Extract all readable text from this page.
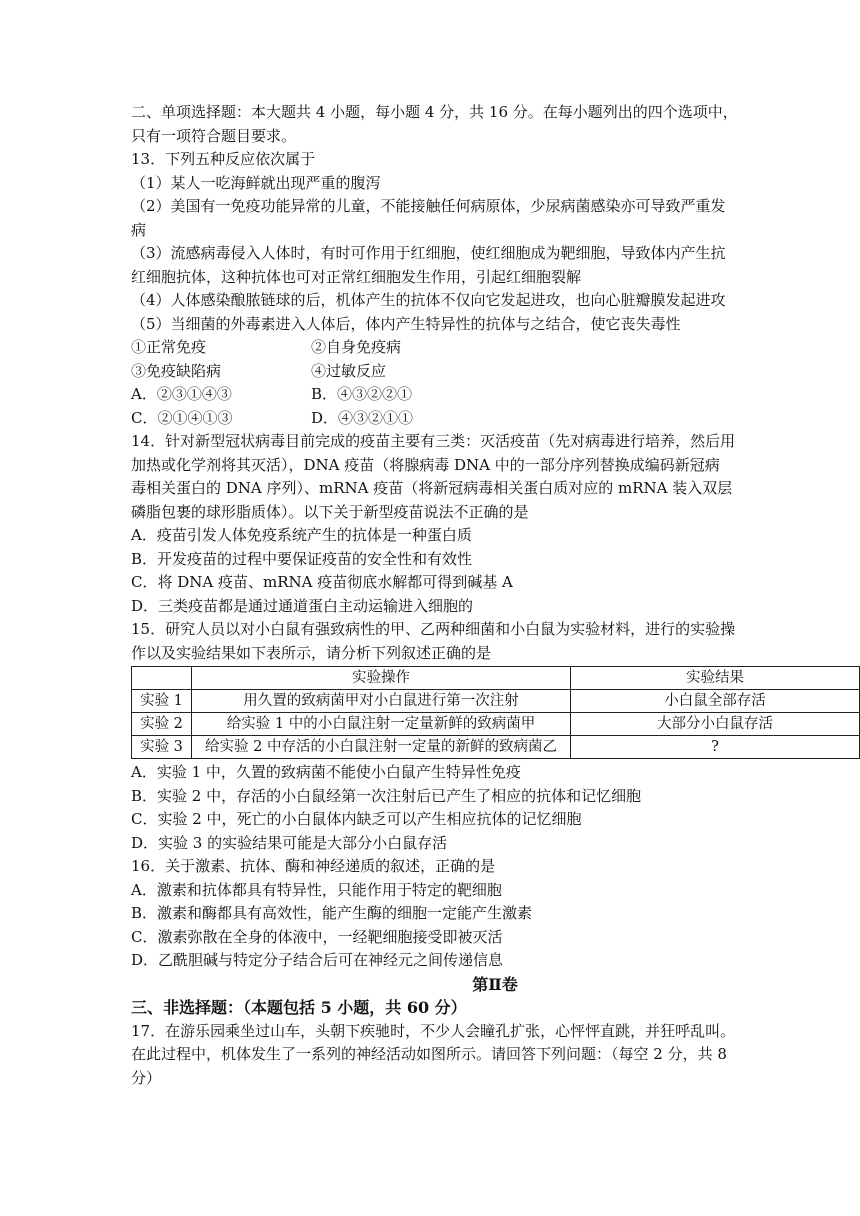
二、单项选择题：本大题共 4 小题，每小题 4 分，共 16 分。在每小题列出的四个选项中，
只有一项符合题目要求。
13．下列五种反应依次属于
（1）某人一吃海鲜就出现严重的腹泻
（2）美国有一免疫功能异常的儿童，不能接触任何病原体，少尿病菌感染亦可导致严重发
病
（3）流感病毒侵入人体时，有时可作用于红细胞，使红细胞成为靶细胞，导致体内产生抗
红细胞抗体，这种抗体也可对正常红细胞发生作用，引起红细胞裂解
（4）人体感染酿脓链球的后，机体产生的抗体不仅向它发起进攻，也向心脏瓣膜发起进攻
（5）当细菌的外毒素进入人体后，体内产生特异性的抗体与之结合，使它丧失毒性
①正常免疫	②自身免疫病
③免疫缺陷病	④过敏反应
A．②③①④③	B．④③②②①
C．②①④①③	D．④③②①①
14．针对新型冠状病毒目前完成的疫苗主要有三类：灭活疫苗（先对病毒进行培养，然后用
加热或化学剂将其灭活），DNA 疫苗（将腺病毒 DNA 中的一部分序列替换成编码新冠病
毒相关蛋白的 DNA 序列）、mRNA 疫苗（将新冠病毒相关蛋白质对应的 mRNA 装入双层
磷脂包裹的球形脂质体）。以下关于新型疫苗说法不正确的是
A．疫苗引发人体免疫系统产生的抗体是一种蛋白质
B．开发疫苗的过程中要保证疫苗的安全性和有效性
C．将 DNA 疫苗、mRNA 疫苗彻底水解都可得到碱基 A
D．三类疫苗都是通过通道蛋白主动运输进入细胞的
15．研究人员以对小白鼠有强致病性的甲、乙两种细菌和小白鼠为实验材料，进行的实验操
作以及实验结果如下表所示，请分析下列叙述正确的是
	实验操作	实验结果
实验 1	用久置的致病菌甲对小白鼠进行第一次注射	小白鼠全部存活
实验 2	给实验 1 中的小白鼠注射一定量新鲜的致病菌甲	大部分小白鼠存活
实验 3	给实验 2 中存活的小白鼠注射一定量的新鲜的致病菌乙	?
A．实验 1 中，久置的致病菌不能使小白鼠产生特异性免疫
B．实验 2 中，存活的小白鼠经第一次注射后已产生了相应的抗体和记忆细胞
C．实验 2 中，死亡的小白鼠体内缺乏可以产生相应抗体的记忆细胞
D．实验 3 的实验结果可能是大部分小白鼠存活
16．关于激素、抗体、酶和神经递质的叙述，正确的是
A．激素和抗体都具有特异性，只能作用于特定的靶细胞
B．激素和酶都具有高效性，能产生酶的细胞一定能产生激素
C．激素弥散在全身的体液中，一经靶细胞接受即被灭活
D．乙酰胆碱与特定分子结合后可在神经元之间传递信息
第Ⅱ卷
三、非选择题：（本题包括 5 小题，共 60 分）
17．在游乐园乘坐过山车，头朝下疾驰时，不少人会瞳孔扩张，心怦怦直跳，并狂呼乱叫。
在此过程中，机体发生了一系列的神经活动如图所示。请回答下列问题：（每空 2 分，共 8
分）
